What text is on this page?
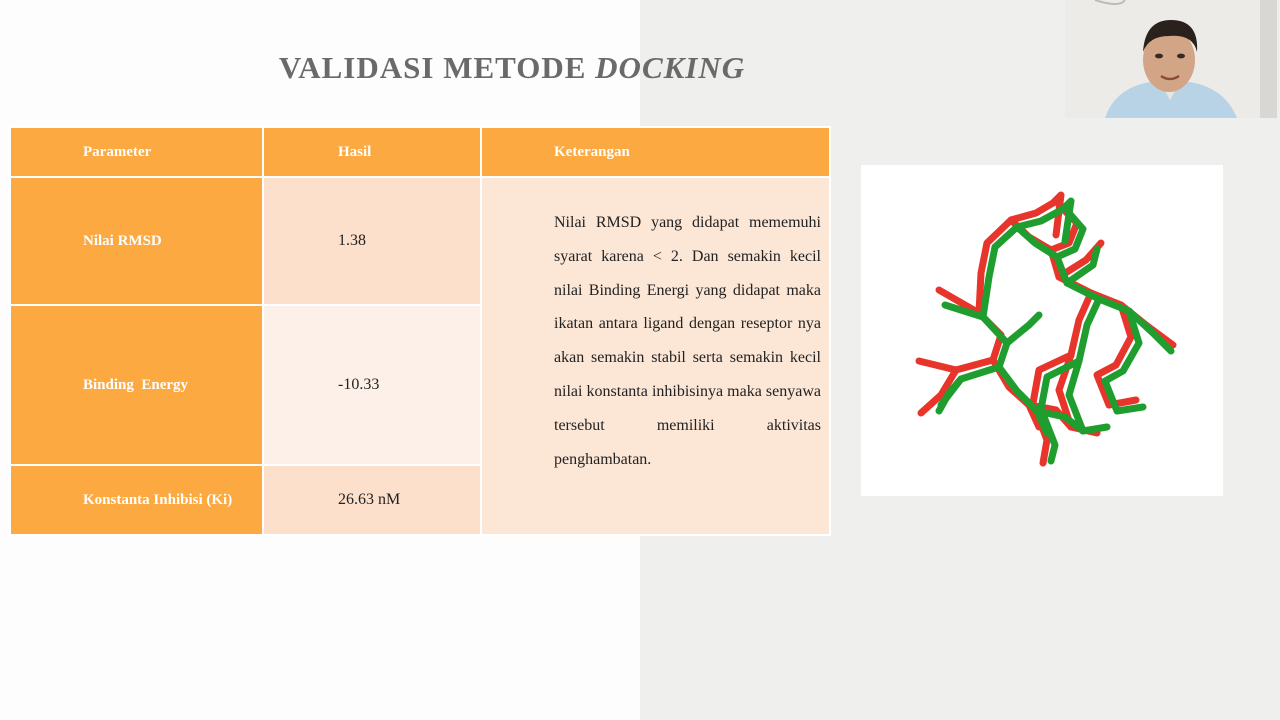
VALIDASI METODE DOCKING
Parameter	Hasil	Keterangan
Nilai RMSD	1.38	Nilai RMSD yang didapat mememuhi syarat karena < 2. Dan semakin kecil nilai Binding Energi yang didapat maka ikatan antara ligand dengan reseptor nya akan semakin stabil serta semakin kecil nilai konstanta inhibisinya maka senyawa tersebut memiliki aktivitas penghambatan.

Binding  Energy	-10.33	
Konstanta Inhibisi (Ki)	26.63 nM	
